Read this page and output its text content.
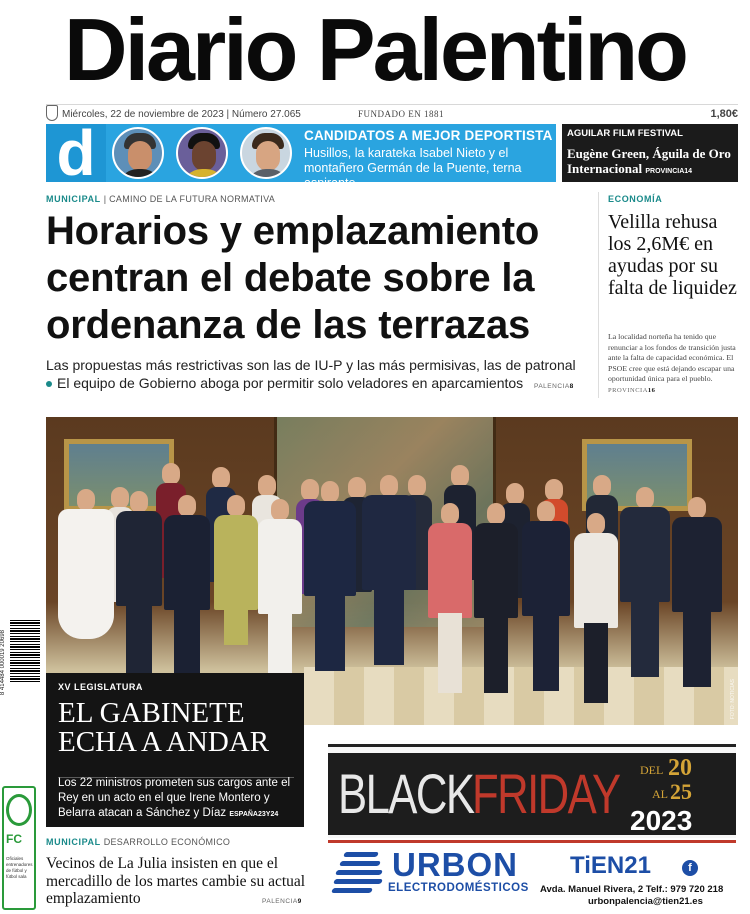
Diario Palentino
Miércoles, 22 de noviembre de 2023 | Número 27.065	FUNDADO EN 1881	1,80€
d	CANDIDATOS A MEJOR DEPORTISTA
Husillos, la karateka Isabel Nieto y el montañero Germán de la Puente, terna aspirante DEPORTES37
AGUILAR FILM FESTIVAL
Eugène Green, Águila de Oro Internacional PROVINCIA14
MUNICIPAL | CAMINO DE LA FUTURA NORMATIVA
Horarios y emplazamiento centran el debate sobre la ordenanza de las terrazas
Las propuestas más restrictivas son las de IU-P y las más permisivas, las de patronal
El equipo de Gobierno aboga por permitir solo veladores en aparcamientos PALENCIA8
ECONOMÍA
Velilla rehusa los 2,6M€ en ayudas por su falta de liquidez
La localidad norteña ha tenido que renunciar a los fondos de transición justa ante la falta de capacidad económica. El PSOE cree que está dejando escapar una oportunidad única para el pueblo. PROVINCIA16
FOTO: NOTICIAS
XV LEGISLATURA
EL GABINETE ECHA A ANDAR
Los 22 ministros prometen sus cargos ante el Rey en un acto en el que Irene Montero y Belarra atacan a Sánchez y Díaz ESPAÑA23Y24
8 414484 000019 20698
FC
Oficiales entrenadores de fútbol y fútbol sala
BLACK
FRIDAY DEL 20
AL 25
2023
MUNICIPAL DESARROLLO ECONÓMICO
Vecinos de La Julia insisten en que el mercadillo de los martes cambie su actual emplazamiento	PALENCIA9
URBON
ELECTRODOMÉSTICOS
TiEN21	f
Avda. Manuel Rivera, 2 Telf.: 979 720 218
urbonpalencia@tien21.es
